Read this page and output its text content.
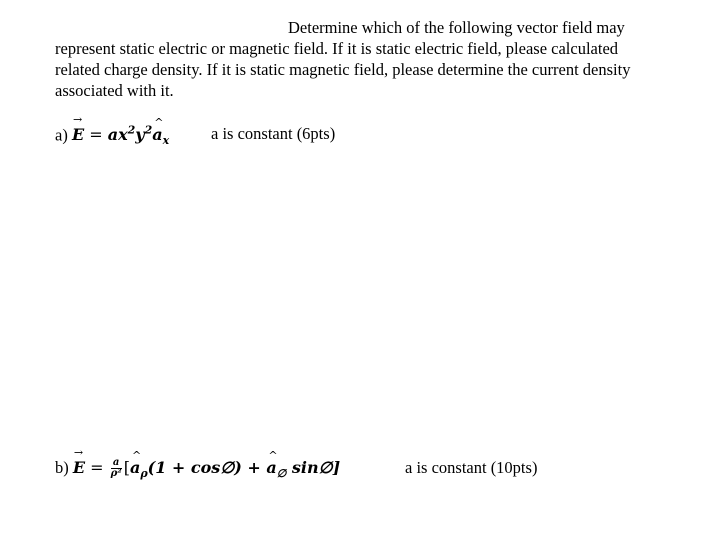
Determine which of the following vector field may
represent static electric or magnetic field. If it is static electric field, please calculated related charge density. If it is static magnetic field, please determine the current density associated with it.
a) E → = $ax^2y^2a$ $\^{}_x$	a is constant (6pts)
b) E → = $\frac{a}{\text{ρ²}} [a$ $\^{}_\rho(1$ + cos∅) + a $\^{}_\emptyset$ sin∅]	a is constant (10pts)
